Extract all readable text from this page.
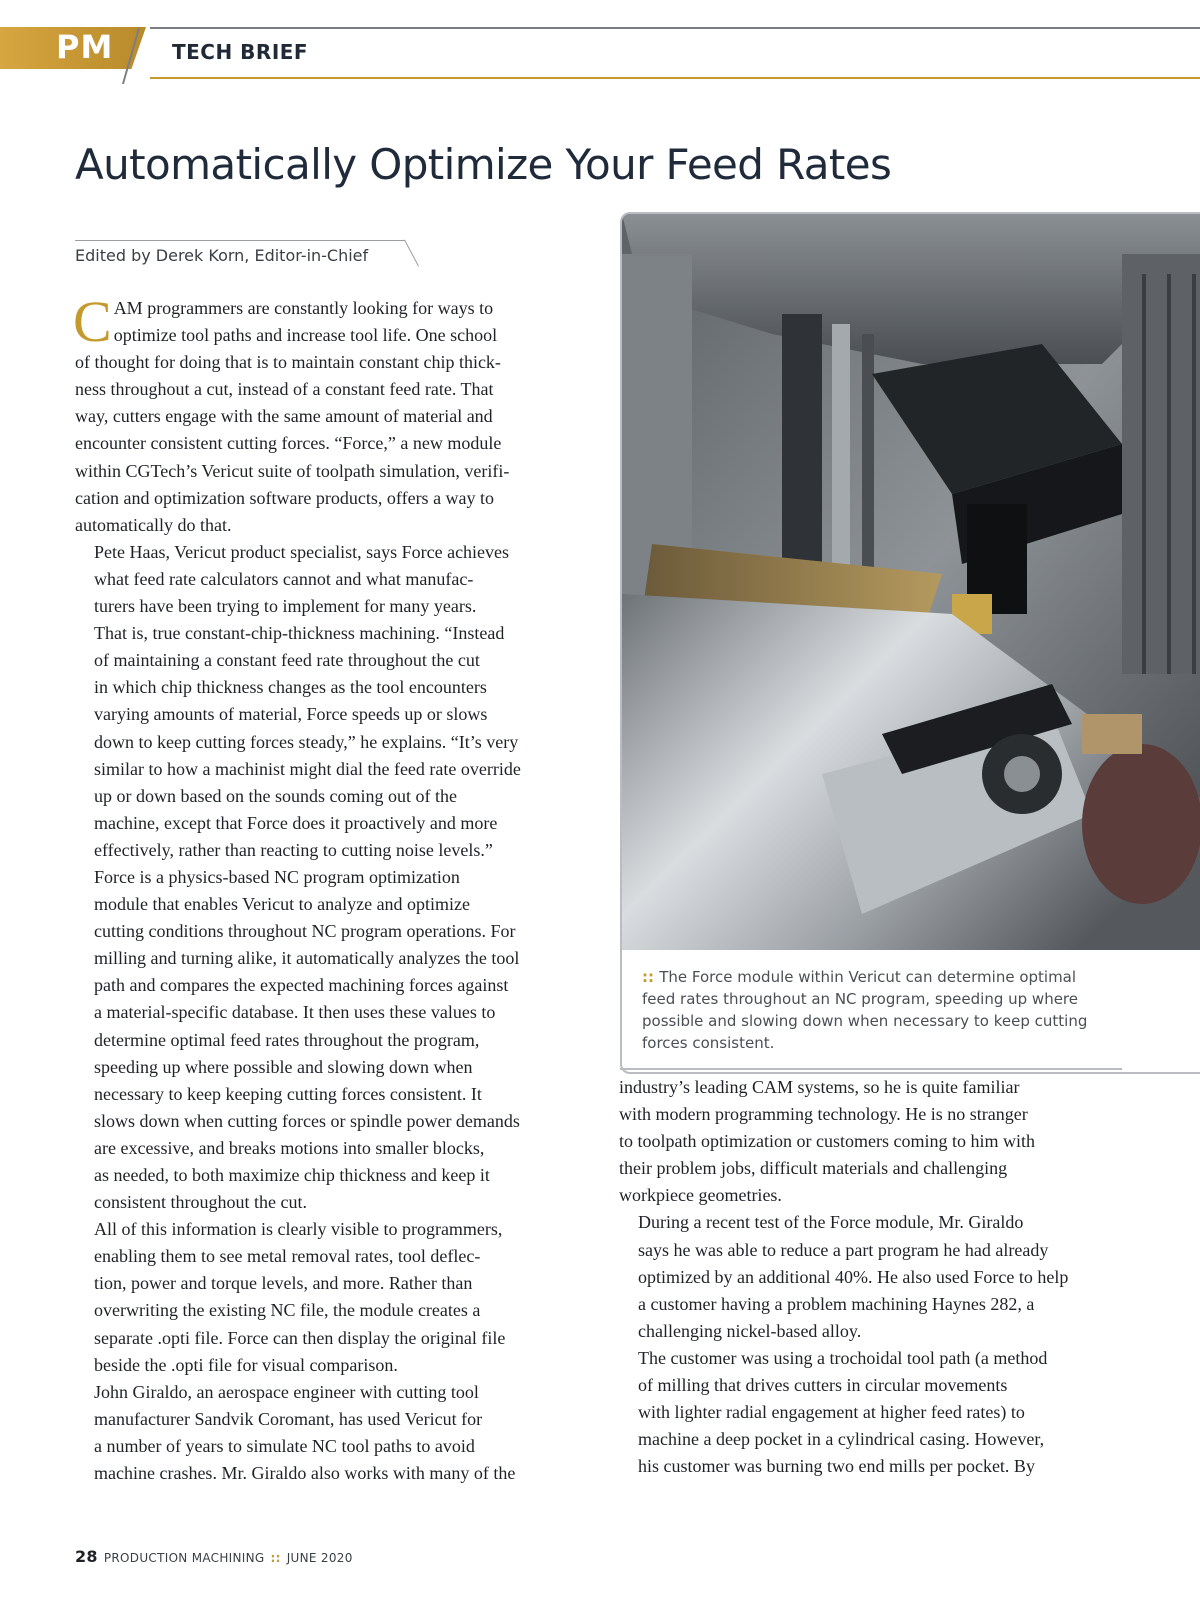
PM	TECH BRIEF
Automatically Optimize Your Feed Rates
Edited by Derek Korn, Editor-in-Chief

C AM programmers are constantly looking for ways to
optimize tool paths and increase tool life. One school
of thought for doing that is to maintain constant chip thick-
ness throughout a cut, instead of a constant feed rate. That
way, cutters engage with the same amount of material and
encounter consistent cutting forces. “Force,” a new module
within CGTech’s Vericut suite of toolpath simulation, verifi-
cation and optimization software products, offers a way to
automatically do that.

Pete Haas, Vericut product specialist, says Force achieves
what feed rate calculators cannot and what manufac-
turers have been trying to implement for many years.
That is, true constant-chip-thickness machining. “Instead
of maintaining a constant feed rate throughout the cut
in which chip thickness changes as the tool encounters
varying amounts of material, Force speeds up or slows
down to keep cutting forces steady,” he explains. “It’s very
similar to how a machinist might dial the feed rate override
up or down based on the sounds coming out of the
machine, except that Force does it proactively and more
effectively, rather than reacting to cutting noise levels.”

Force is a physics-based NC program optimization
module that enables Vericut to analyze and optimize
cutting conditions throughout NC program operations. For
milling and turning alike, it automatically analyzes the tool
path and compares the expected machining forces against
a material-specific database. It then uses these values to
determine optimal feed rates throughout the program,
speeding up where possible and slowing down when
necessary to keep keeping cutting forces consistent. It
slows down when cutting forces or spindle power demands
are excessive, and breaks motions into smaller blocks,
as needed, to both maximize chip thickness and keep it
consistent throughout the cut.

All of this information is clearly visible to programmers,
enabling them to see metal removal rates, tool deflec-
tion, power and torque levels, and more. Rather than
overwriting the existing NC file, the module creates a
separate .opti file. Force can then display the original file
beside the .opti file for visual comparison.

John Giraldo, an aerospace engineer with cutting tool
manufacturer Sandvik Coromant, has used Vericut for
a number of years to simulate NC tool paths to avoid
machine crashes. Mr. Giraldo also works with many of the

:: The Force module within Vericut can determine optimal
feed rates throughout an NC program, speeding up where
possible and slowing down when necessary to keep cutting
forces consistent.

industry’s leading CAM systems, so he is quite familiar
with modern programming technology. He is no stranger
to toolpath optimization or customers coming to him with
their problem jobs, difficult materials and challenging
workpiece geometries.

During a recent test of the Force module, Mr. Giraldo
says he was able to reduce a part program he had already
optimized by an additional 40%. He also used Force to help
a customer having a problem machining Haynes 282, a
challenging nickel-based alloy.

The customer was using a trochoidal tool path (a method
of milling that drives cutters in circular movements
with lighter radial engagement at higher feed rates) to
machine a deep pocket in a cylindrical casing. However,
his customer was burning two end mills per pocket. By

28 PRODUCTION MACHINING :: JUNE 2020
